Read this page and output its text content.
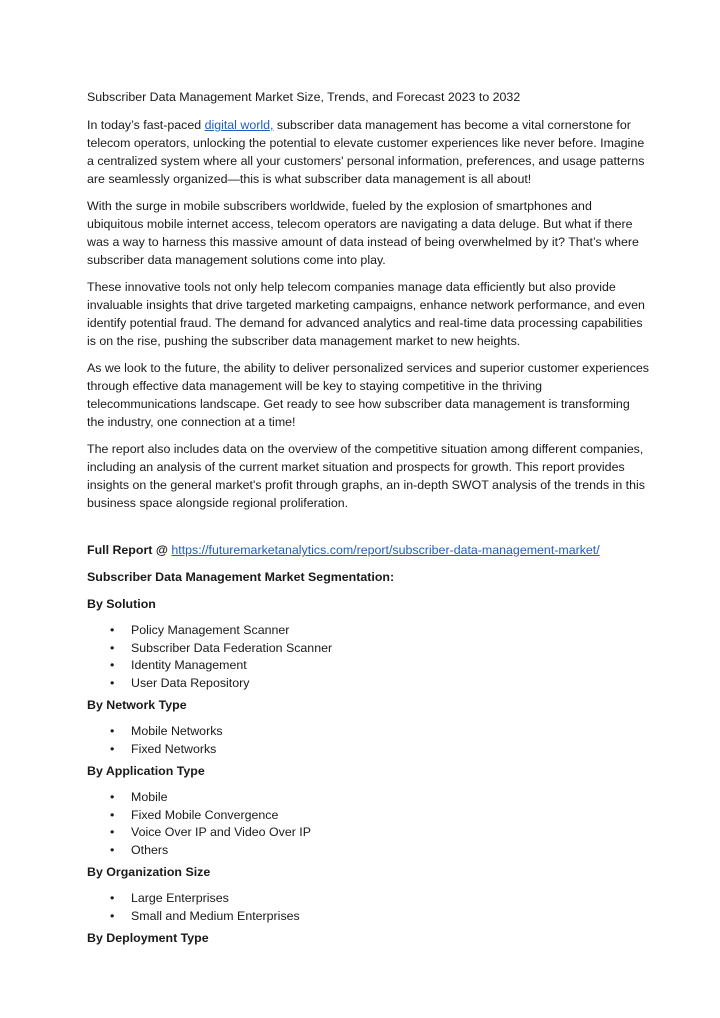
Subscriber Data Management Market Size, Trends, and Forecast 2023 to 2032

In today’s fast-paced digital world, subscriber data management has become a vital cornerstone for telecom operators, unlocking the potential to elevate customer experiences like never before. Imagine a centralized system where all your customers' personal information, preferences, and usage patterns are seamlessly organized—this is what subscriber data management is all about!

With the surge in mobile subscribers worldwide, fueled by the explosion of smartphones and ubiquitous mobile internet access, telecom operators are navigating a data deluge. But what if there was a way to harness this massive amount of data instead of being overwhelmed by it? That’s where subscriber data management solutions come into play.

These innovative tools not only help telecom companies manage data efficiently but also provide invaluable insights that drive targeted marketing campaigns, enhance network performance, and even identify potential fraud. The demand for advanced analytics and real-time data processing capabilities is on the rise, pushing the subscriber data management market to new heights.

As we look to the future, the ability to deliver personalized services and superior customer experiences through effective data management will be key to staying competitive in the thriving telecommunications landscape. Get ready to see how subscriber data management is transforming the industry, one connection at a time!

The report also includes data on the overview of the competitive situation among different companies, including an analysis of the current market situation and prospects for growth. This report provides insights on the general market's profit through graphs, an in-depth SWOT analysis of the trends in this business space alongside regional proliferation.

Full Report @ https://futuremarketanalytics.com/report/subscriber-data-management-market/

Subscriber Data Management Market Segmentation:

By Solution

• Policy Management Scanner
• Subscriber Data Federation Scanner
• Identity Management
• User Data Repository

By Network Type

• Mobile Networks
• Fixed Networks

By Application Type

• Mobile
• Fixed Mobile Convergence
• Voice Over IP and Video Over IP
• Others

By Organization Size

• Large Enterprises
• Small and Medium Enterprises

By Deployment Type
